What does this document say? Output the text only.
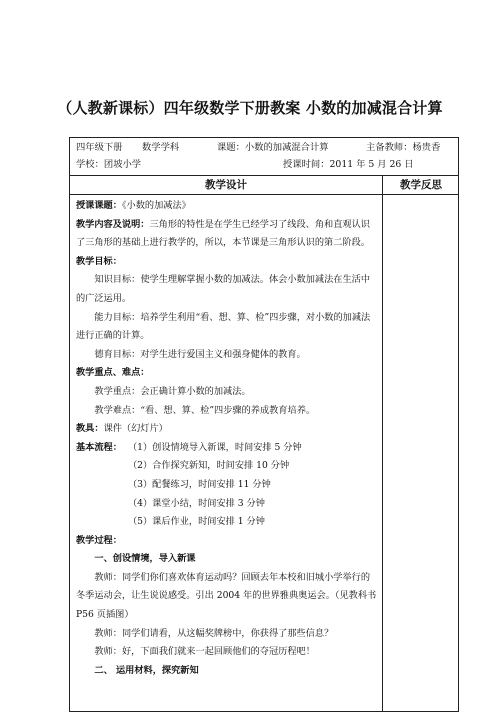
（人教新课标）四年级数学下册教案 小数的加减混合计算
四年级下册 数学学科	课题：小数的加减混合计算	主备教师：杨贵香
学校：团坡小学	授课时间：2011 年 5 月 26 日
教学设计	教学反思

授课课题：《小数的加减法》

教学内容及说明：三角形的特性是在学生已经学习了线段、角和直观认识了三角形的基础上进行教学的，所以，本节课是三角形认识的第二阶段。

教学目标：

知识目标：使学生理解掌握小数的加减法。体会小数加减法在生活中的广泛运用。

能力目标：培养学生利用“看、想、算、检”四步骤，对小数的加减法进行正确的计算。

德育目标：对学生进行爱国主义和强身健体的教育。

教学重点、难点：

教学重点：会正确计算小数的加减法。

教学难点：“看、想、算、检”四步骤的养成教育培养。

教具：课件（幻灯片）

基本流程： （1）创设情境导入新课，时间安排 5 分钟

（2）合作探究新知，时间安排 10 分钟

（3）配餐练习，时间安排 11 分钟

（4）课堂小结，时间安排 3 分钟

（5）课后作业，时间安排 1 分钟

教学过程：

一、创设情境，导入新课

教师：同学们你们喜欢体育运动吗？回顾去年本校和旧城小学举行的冬季运动会，让生说说感受。引出 2004 年的世界雅典奥运会。（见教科书 P56 页插图）

教师：同学们请看，从这幅奖牌榜中，你获得了那些信息？

教师：好，下面我们就来一起回顾他们的夺冠历程吧！

二、 运用材料，探究新知
